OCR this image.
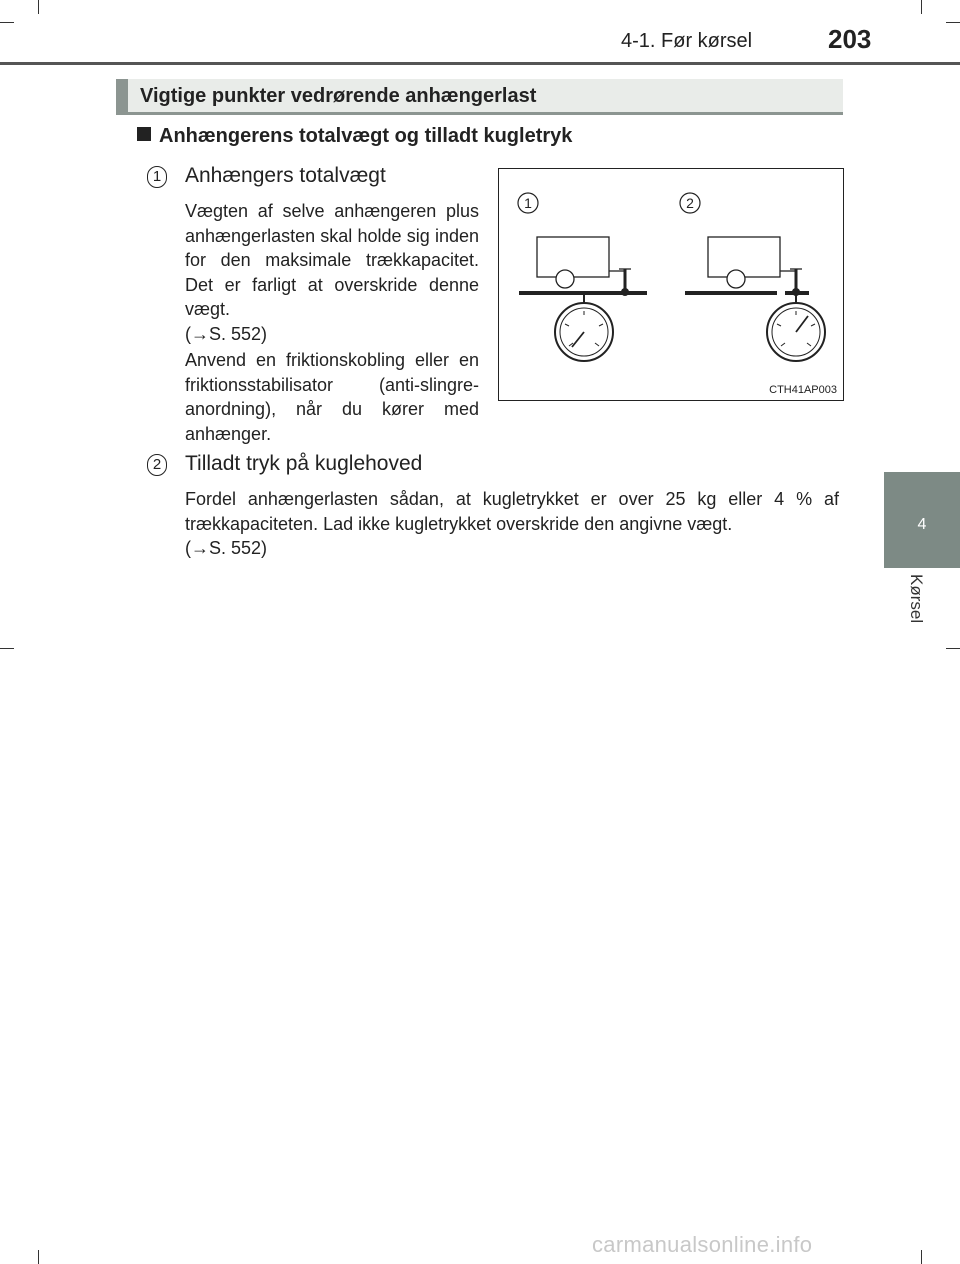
4-1. Før kørsel	203
4
Kørsel
Vigtige punkter vedrørende anhængerlast
Anhængerens totalvægt og tilladt kugletryk
1 Anhængers totalvægt
Vægten af selve anhængeren plus anhængerlasten skal holde sig inden for den maksimale trækkapacitet. Det er farligt at overskride denne vægt.
(→S. 552)
Anvend en friktionskobling eller en friktionsstabilisator (anti-slingre-anordning), når du kører med anhænger.
1	2
CTH41AP003
2 Tilladt tryk på kuglehoved
Fordel anhængerlasten sådan, at kugletrykket er over 25 kg eller 4 % af trækkapaciteten. Lad ikke kugletrykket overskride den angivne vægt.
(→S. 552)
carmanualsonline.info
